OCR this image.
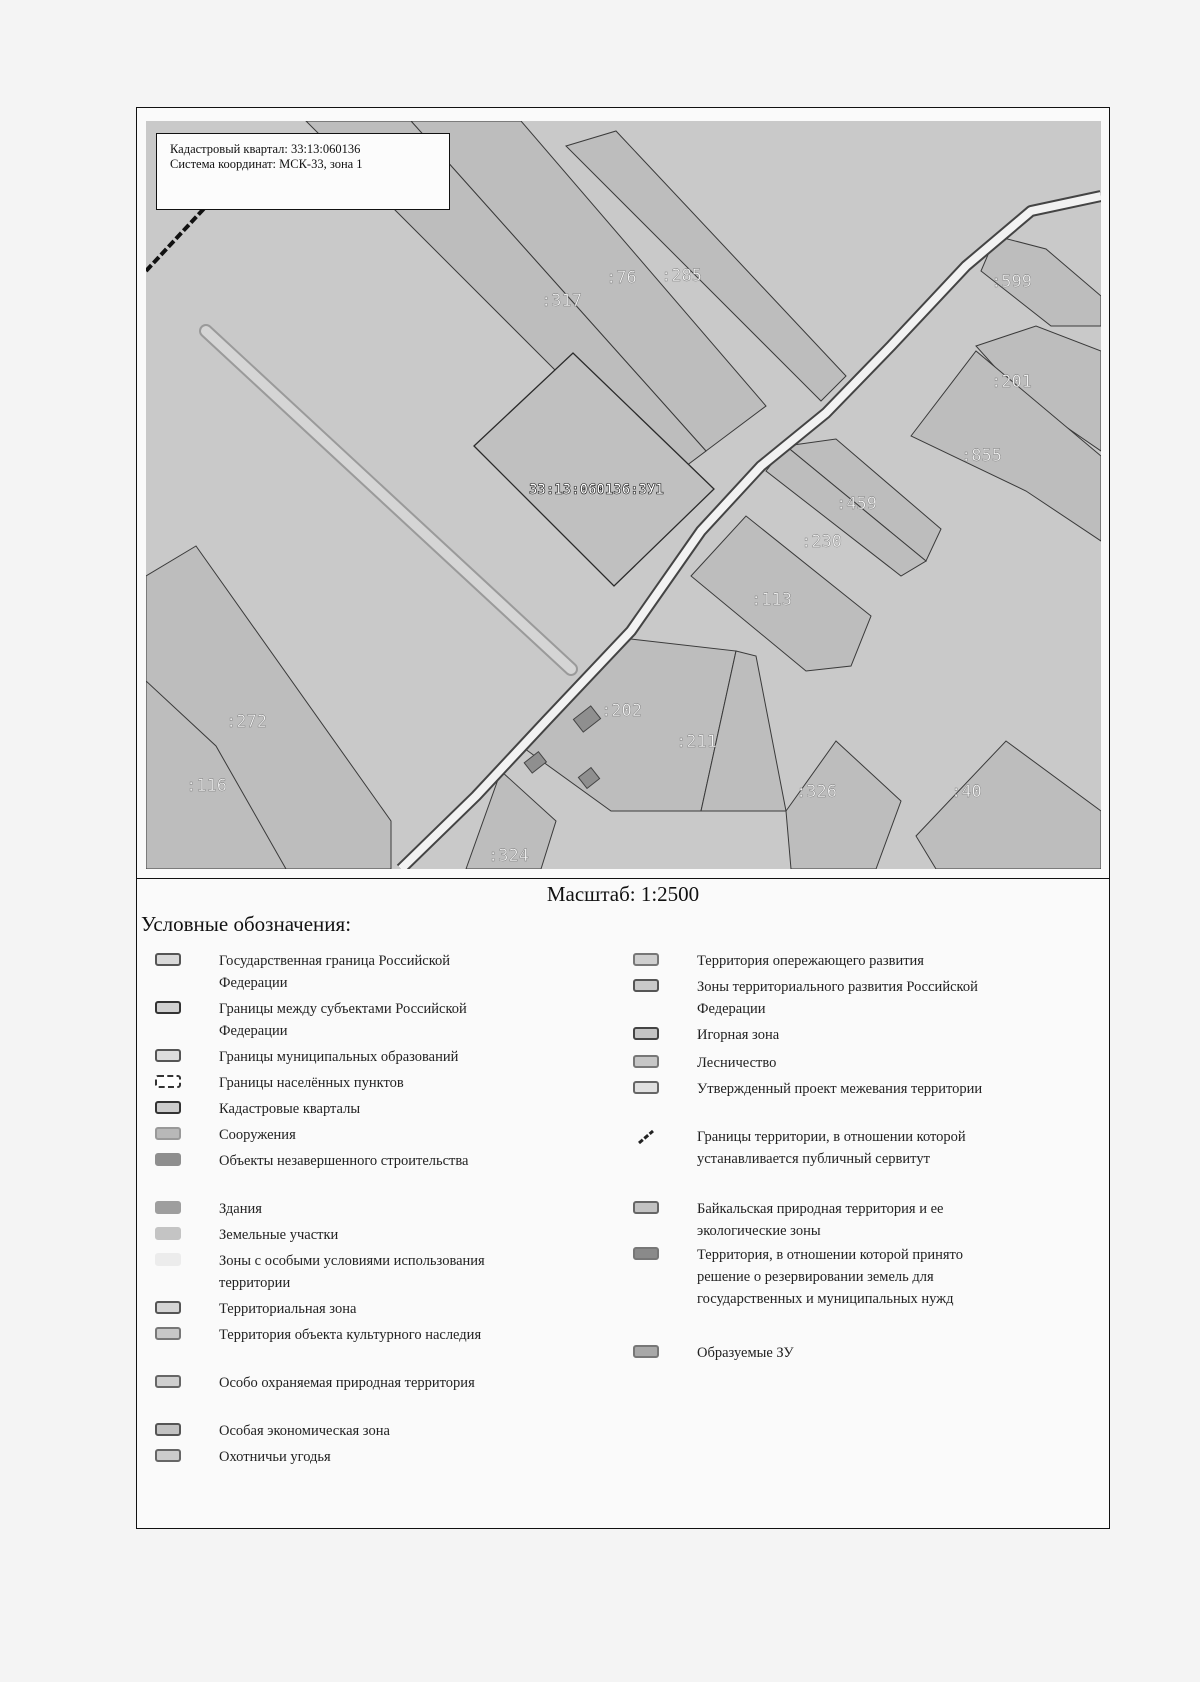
:317
:76 :285	:599
:201
:855
:459
:230
:113
:202
:211
:272
:116
:324
:326	:40
33:13:060136:ЗУ1
Кадастровый квартал: 33:13:060136
Система координат: МСК-33, зона 1
Масштаб: 1:2500
Условные обозначения:
Государственная граница Российской Федерации
Границы между субъектами Российской Федерации
Границы муниципальных образований
Границы населённых пунктов
Кадастровые кварталы
Сооружения
Объекты незавершенного строительства
Здания
Земельные участки
Зоны с особыми условиями использования территории
Территориальная зона
Территория объекта культурного наследия
Особо охраняемая природная территория
Особая экономическая зона
Охотничьи угодья
Территория опережающего развития
Зоны территориального развития Российской Федерации
Игорная зона
Лесничество
Утвержденный проект межевания территории
Границы территории, в отношении которой устанавливается публичный сервитут
Байкальская природная территория и ее экологические зоны
Территория, в отношении которой принято решение о резервировании земель для государственных и муниципальных нужд
Образуемые ЗУ
